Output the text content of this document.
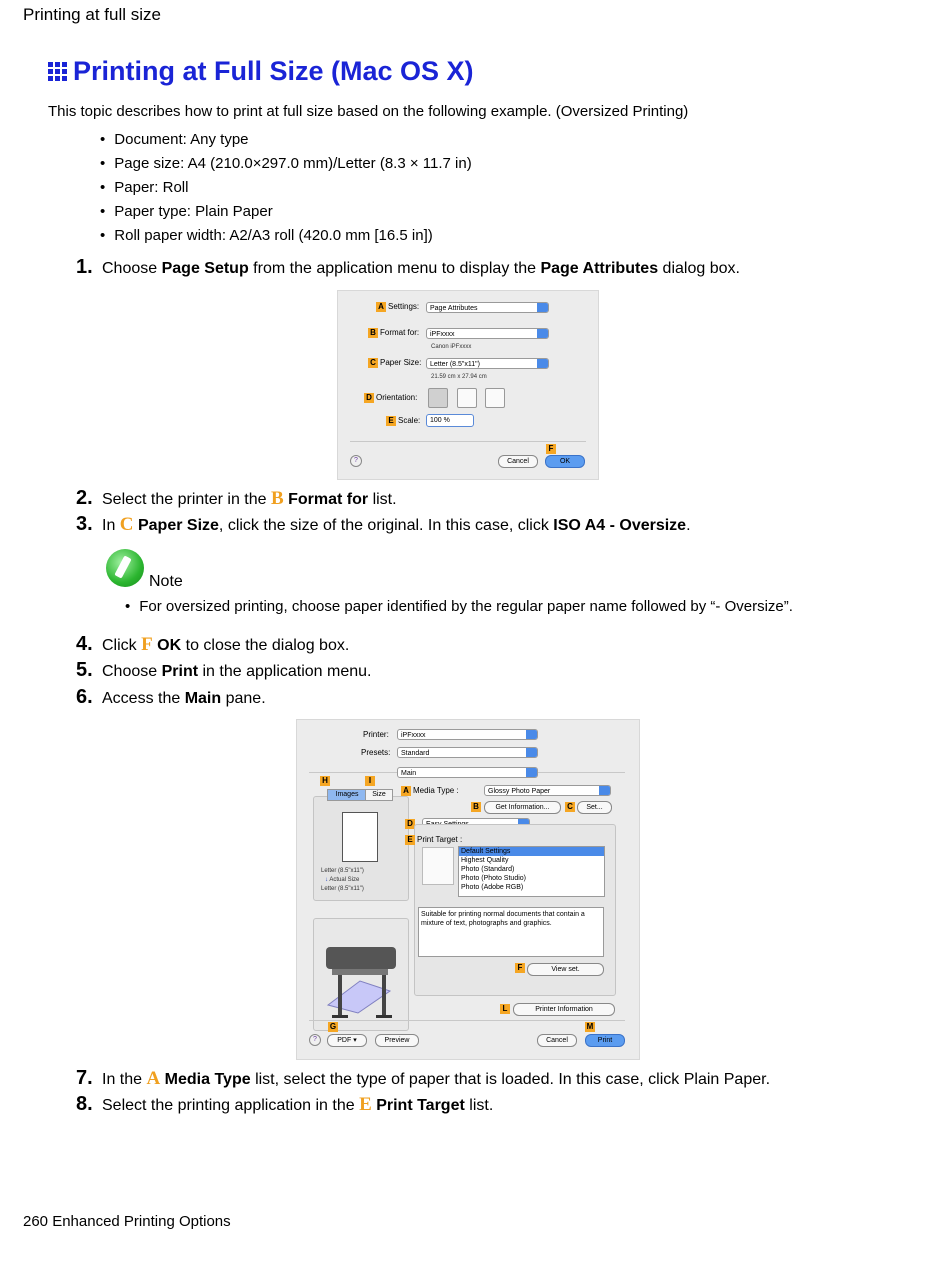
Printing at full size
Printing at Full Size (Mac OS X)
This topic describes how to print at full size based on the following example. (Oversized Printing)
• Document: Any type
• Page size: A4 (210.0×297.0 mm)/Letter (8.3 × 11.7 in)
• Paper: Roll
• Paper type: Plain Paper
• Roll paper width: A2/A3 roll (420.0 mm [16.5 in])
1. Choose Page Setup from the application menu to display the Page Attributes dialog box.
A Settings:	Page Attributes
B Format for:	iPFxxxx
Canon iPFxxxx
C Paper Size:	Letter (8.5"x11")
21.59 cm x 27.94 cm
D Orientation:
E Scale:	100 %
F
?	Cancel	OK
2. Select the printer in the B Format for list.
3. In C Paper Size, click the size of the original. In this case, click ISO A4 - Oversize.
Note
• For oversized printing, choose paper identified by the regular paper name followed by “- Oversize”.
4. Click F OK to close the dialog box.
5. Choose Print in the application menu.
6. Access the Main pane.
Printer:	iPFxxxx
Presets:	Standard
Main
H	I
Images	Size
Letter (8.5"x11")
↓ Actual Size
Letter (8.5"x11")
A Media Type :	Glossy Photo Paper
B	Get Information...	C	Set...
D
E Print Target :
Default Settings
Highest Quality
Photo (Standard)
Photo (Photo Studio)
Photo (Adobe RGB)
Suitable for printing normal documents that contain a mixture of text, photographs and graphics.
F	View set.
L	Printer Information
G	M
?	PDF ▾	Preview	Cancel	Print
7. In the A Media Type list, select the type of paper that is loaded. In this case, click Plain Paper.
8. Select the printing application in the E Print Target list.
260 Enhanced Printing Options
